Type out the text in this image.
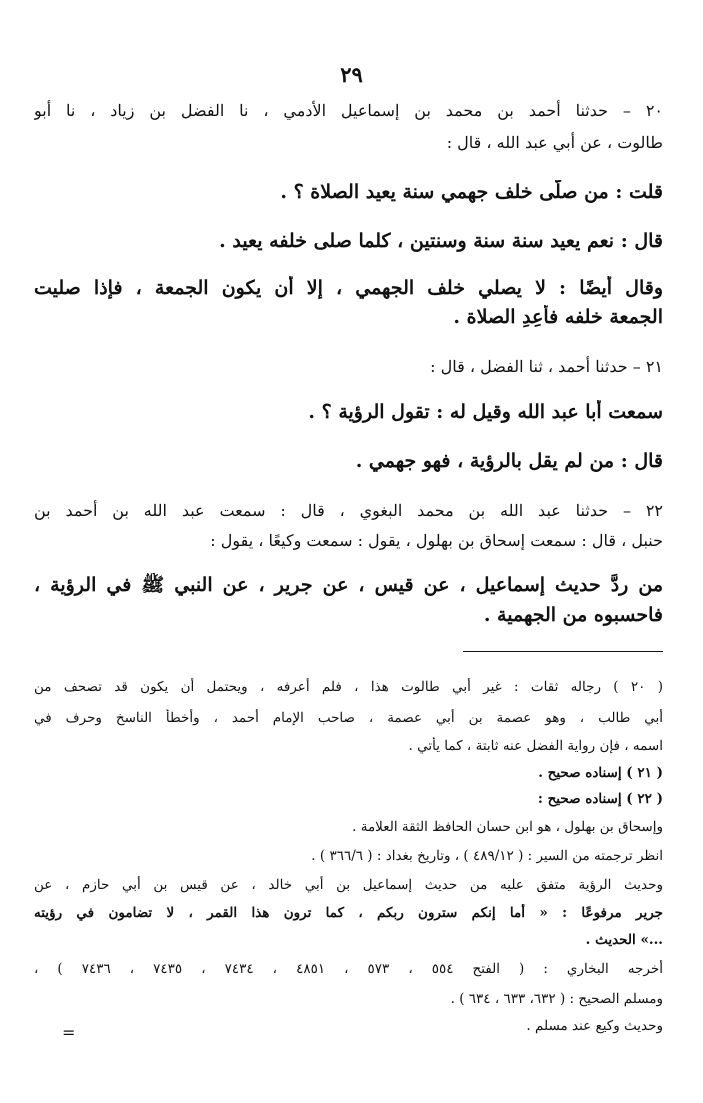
٢٩
٢٠ – حدثنا أحمد بن محمد بن إسماعيل الأدمي ، نا الفضل بن زياد ، نا أبو
طالوت ، عن أبي عبد الله ، قال :
قلت : من صلّى خلف جهمي سنة يعيد الصلاة ؟ .
قال : نعم يعيد سنة سنة وسنتين ، كلما صلى خلفه يعيد .
وقال أيضًا : لا يصلي خلف الجهمي ، إلا أن يكون الجمعة ، فإذا صليت
الجمعة خلفه فأعِدِ الصلاة .
٢١ – حدثنا أحمد ، ثنا الفضل ، قال :
سمعت أبا عبد الله وقيل له : تقول الرؤية ؟ .
قال : من لم يقل بالرؤية ، فهو جهمي .
٢٢ – حدثنا عبد الله بن محمد البغوي ، قال : سمعت عبد الله بن أحمد بن
حنبل ، قال : سمعت إسحاق بن بهلول ، يقول : سمعت وكيعًا ، يقول :
من ردَّ حديث إسماعيل ، عن قيس ، عن جرير ، عن النبي ﷺ في الرؤية ،
فاحسبوه من الجهمية .
( ٢٠ ) رجاله ثقات : غير أبي طالوت هذا ، فلم أعرفه ، ويحتمل أن يكون قد تصحف من
أبي طالب ، وهو عصمة بن أبي عصمة ، صاحب الإمام أحمد ، وأخطأ الناسخ وحرف في
اسمه ، فإن رواية الفضل عنه ثابتة ، كما يأتي .
( ٢١ ) إسناده صحيح .
( ٢٢ ) إسناده صحيح :
وإسحاق بن بهلول ، هو ابن حسان الحافظ الثقة العلامة .
انظر ترجمته من السير : ( ٤٨٩/١٢ ) ، وتاريخ بغداد : ( ٣٦٦/٦ ) .
وحديث الرؤية متفق عليه من حديث إسماعيل بن أبي خالد ، عن قيس بن أبي حازم ، عن
جرير مرفوعًا : « أما إنكم سترون ربكم ، كما ترون هذا القمر ، لا تضامون في رؤيته
...» الحديث .
أخرجه البخاري : ( الفتح ٥٥٤ ، ٥٧٣ ، ٤٨٥١ ، ٧٤٣٤ ، ٧٤٣٥ ، ٧٤٣٦ ) ،
ومسلم الصحيح : ( ٦٣٢، ٦٣٣ ، ٦٣٤ ) .
وحديث وكيع عند مسلم .
=
